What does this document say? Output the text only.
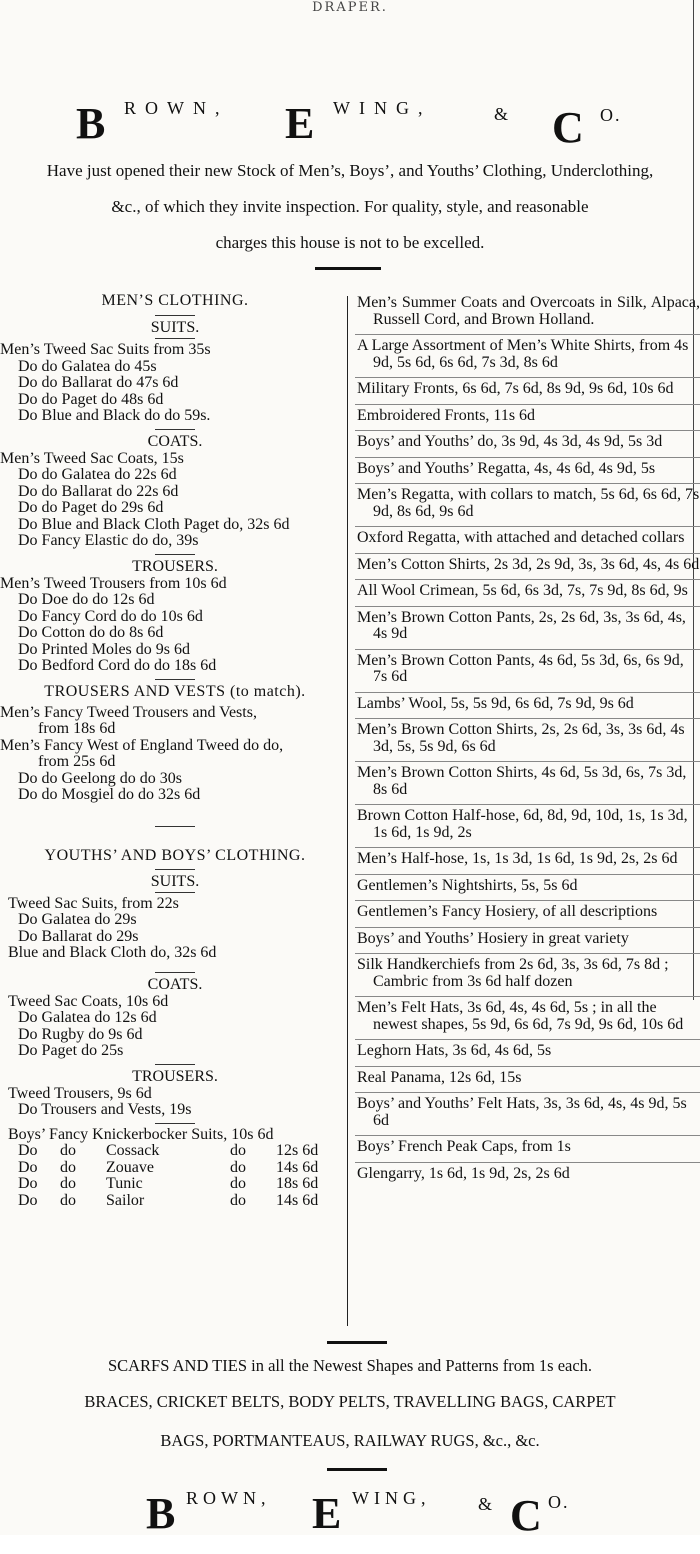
DRAPER.
B ROWN, E WING,	& C O.
Have just opened their new Stock of Men’s, Boys’, and Youths’ Clothing, Underclothing,
&c., of which they invite inspection. For quality, style, and reasonable
charges this house is not to be excelled.
MEN’S CLOTHING.
SUITS.
Men’s Tweed Sac Suits from 35s
Do do Galatea do 45s
Do do Ballarat do 47s 6d
Do do Paget do 48s 6d
Do Blue and Black do do 59s.
COATS.
Men’s Tweed Sac Coats, 15s
Do do Galatea do 22s 6d
Do do Ballarat do 22s 6d
Do do Paget do 29s 6d
Do Blue and Black Cloth Paget do, 32s 6d
Do Fancy Elastic do do, 39s
TROUSERS.
Men’s Tweed Trousers from 10s 6d
Do Doe do do 12s 6d
Do Fancy Cord do do 10s 6d
Do Cotton do do 8s 6d
Do Printed Moles do 9s 6d
Do Bedford Cord do do 18s 6d
TROUSERS AND VESTS (to match).
Men’s Fancy Tweed Trousers and Vests,
from 18s 6d
Men’s Fancy West of England Tweed do do,
from 25s 6d
Do do Geelong do do 30s
Do do Mosgiel do do 32s 6d
YOUTHS’ AND BOYS’ CLOTHING.
SUITS.
Tweed Sac Suits, from 22s
Do Galatea do 29s
Do Ballarat do 29s
Blue and Black Cloth do, 32s 6d
COATS.
Tweed Sac Coats, 10s 6d
Do Galatea do 12s 6d
Do Rugby do 9s 6d
Do Paget do 25s
TROUSERS.
Tweed Trousers, 9s 6d
Do Trousers and Vests, 19s
Boys’ Fancy Knickerbocker Suits, 10s 6d
Do	do	Cossack	do	12s 6d
Do	do	Zouave	do	14s 6d
Do	do	Tunic	do	18s 6d
Do	do	Sailor	do	14s 6d
Men’s Summer Coats and Overcoats in Silk, Alpaca, Russell Cord, and Brown Holland.
A Large Assortment of Men’s White Shirts, from 4s 9d, 5s 6d, 6s 6d, 7s 3d, 8s 6d
Military Fronts, 6s 6d, 7s 6d, 8s 9d, 9s 6d, 10s 6d
Embroidered Fronts, 11s 6d
Boys’ and Youths’ do, 3s 9d, 4s 3d, 4s 9d, 5s 3d
Boys’ and Youths’ Regatta, 4s, 4s 6d, 4s 9d, 5s
Men’s Regatta, with collars to match, 5s 6d, 6s 6d, 7s 9d, 8s 6d, 9s 6d
Oxford Regatta, with attached and detached collars
Men’s Cotton Shirts, 2s 3d, 2s 9d, 3s, 3s 6d, 4s, 4s 6d
All Wool Crimean, 5s 6d, 6s 3d, 7s, 7s 9d, 8s 6d, 9s
Men’s Brown Cotton Pants, 2s, 2s 6d, 3s, 3s 6d, 4s, 4s 9d
Men’s Brown Cotton Pants, 4s 6d, 5s 3d, 6s, 6s 9d, 7s 6d
Lambs’ Wool, 5s, 5s 9d, 6s 6d, 7s 9d, 9s 6d
Men’s Brown Cotton Shirts, 2s, 2s 6d, 3s, 3s 6d, 4s 3d, 5s, 5s 9d, 6s 6d
Men’s Brown Cotton Shirts, 4s 6d, 5s 3d, 6s, 7s 3d, 8s 6d
Brown Cotton Half-hose, 6d, 8d, 9d, 10d, 1s, 1s 3d, 1s 6d, 1s 9d, 2s
Men’s Half-hose, 1s, 1s 3d, 1s 6d, 1s 9d, 2s, 2s 6d
Gentlemen’s Nightshirts, 5s, 5s 6d
Gentlemen’s Fancy Hosiery, of all descriptions
Boys’ and Youths’ Hosiery in great variety
Silk Handkerchiefs from 2s 6d, 3s, 3s 6d, 7s 8d ; Cambric from 3s 6d half dozen
Men’s Felt Hats, 3s 6d, 4s, 4s 6d, 5s ; in all the newest shapes, 5s 9d, 6s 6d, 7s 9d, 9s 6d, 10s 6d
Leghorn Hats, 3s 6d, 4s 6d, 5s
Real Panama, 12s 6d, 15s
Boys’ and Youths’ Felt Hats, 3s, 3s 6d, 4s, 4s 9d, 5s 6d
Boys’ French Peak Caps, from 1s
Glengarry, 1s 6d, 1s 9d, 2s, 2s 6d
SCARFS AND TIES in all the Newest Shapes and Patterns from 1s each.
BRACES, CRICKET BELTS, BODY PELTS, TRAVELLING BAGS, CARPET
BAGS, PORTMANTEAUS, RAILWAY RUGS, &c., &c.
B ROWN, E WING,	& C O.
